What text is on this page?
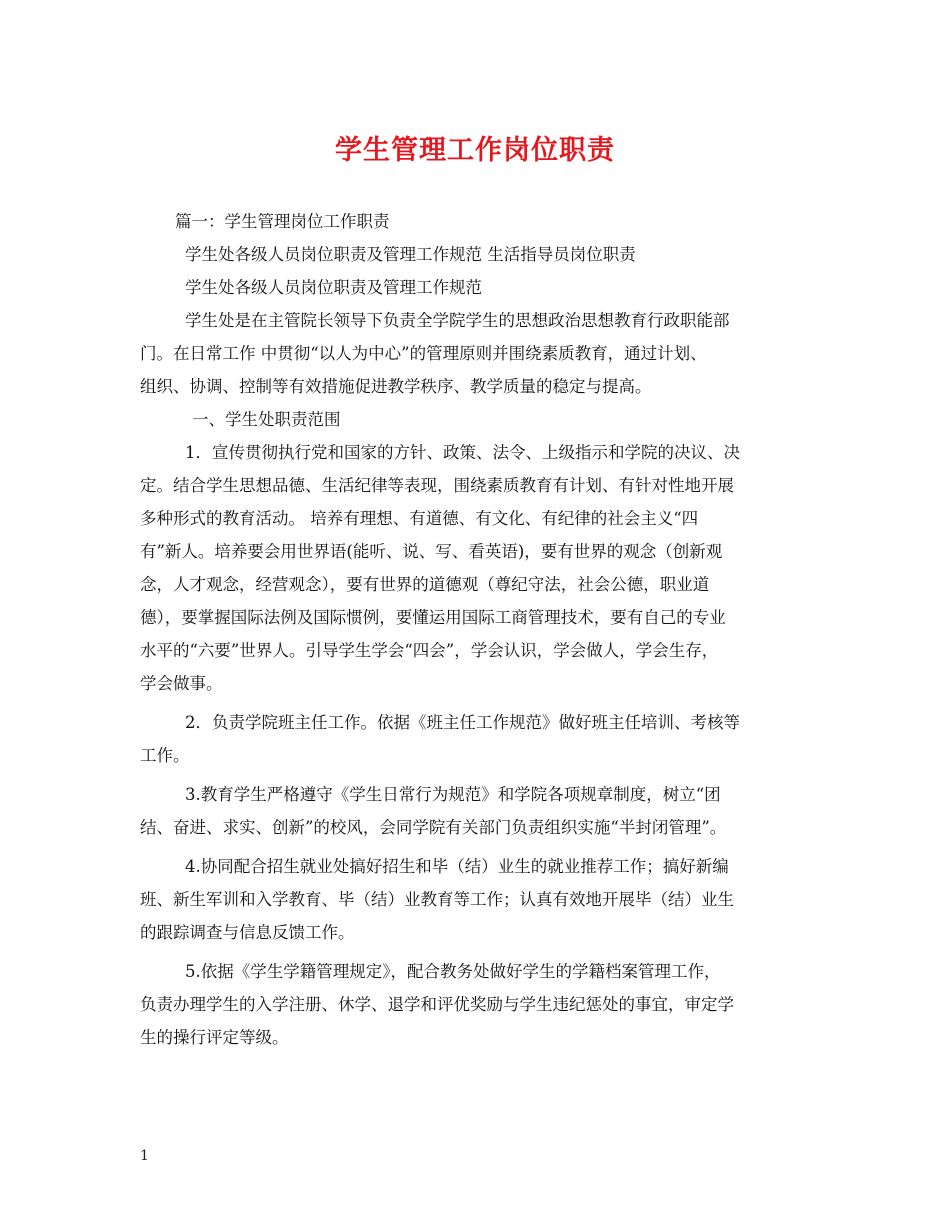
学生管理工作岗位职责
篇一：学生管理岗位工作职责
学生处各级人员岗位职责及管理工作规范 生活指导员岗位职责
学生处各级人员岗位职责及管理工作规范
学生处是在主管院长领导下负责全学院学生的思想政治思想教育行政职能部
门。在日常工作 中贯彻“以人为中心”的管理原则并围绕素质教育，通过计划、
组织、协调、控制等有效措施促进教学秩序、教学质量的稳定与提高。
一、学生处职责范围
1．宣传贯彻执行党和国家的方针、政策、法令、上级指示和学院的决议、决
定。结合学生思想品德、生活纪律等表现，围绕素质教育有计划、有针对性地开展
多种形式的教育活动。 培养有理想、有道德、有文化、有纪律的社会主义“四
有”新人。培养要会用世界语(能听、说、写、看英语)，要有世界的观念（创新观
念，人才观念，经营观念），要有世界的道德观（尊纪守法，社会公德，职业道
德），要掌握国际法例及国际惯例，要懂运用国际工商管理技术，要有自己的专业
水平的“六要”世界人。引导学生学会“四会”，学会认识，学会做人，学会生存，
学会做事。
2．负责学院班主任工作。依据《班主任工作规范》做好班主任培训、考核等
工作。
3.教育学生严格遵守《学生日常行为规范》和学院各项规章制度，树立“团
结、奋进、求实、创新”的校风，会同学院有关部门负责组织实施“半封闭管理”。
4.协同配合招生就业处搞好招生和毕（结）业生的就业推荐工作；搞好新编
班、新生军训和入学教育、毕（结）业教育等工作；认真有效地开展毕（结）业生
的跟踪调查与信息反馈工作。
5.依据《学生学籍管理规定》，配合教务处做好学生的学籍档案管理工作，
负责办理学生的入学注册、休学、退学和评优奖励与学生违纪惩处的事宜，审定学
生的操行评定等级。
1
